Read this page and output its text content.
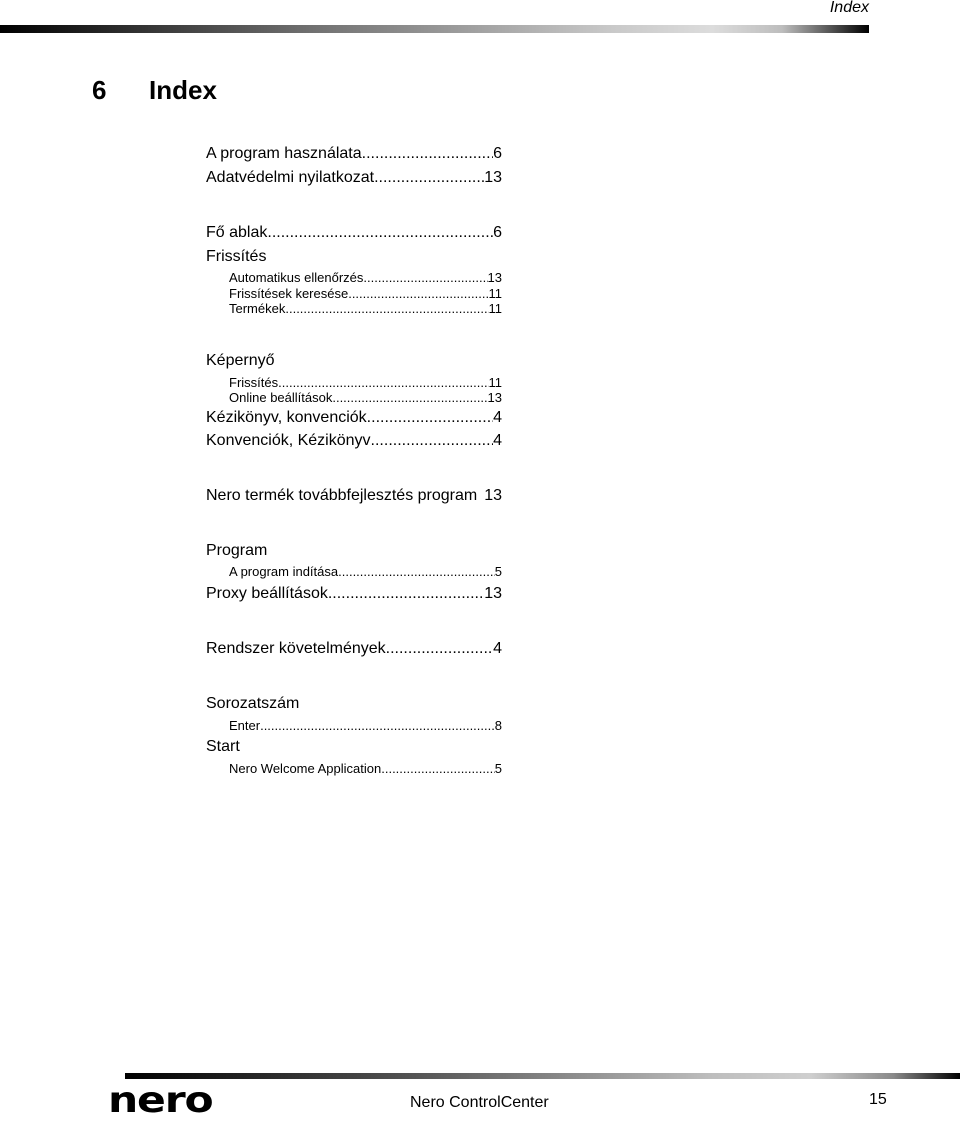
Index
6	Index
A program használata .....	6
Adatvédelmi nyilatkozat .....	13
Fő ablak .....	6
Frissítés
Automatikus ellenőrzés .....	13
Frissítések keresése .....	11
Termékek .....	11
Képernyő
Frissítés .....	11
Online beállítások .....	13
Kézikönyv, konvenciók .....	4
Konvenciók, Kézikönyv .....	4
Nero termék továbbfejlesztés program 13
Program
A program indítása .....	5
Proxy beállítások .....	13
Rendszer követelmények .....	4
Sorozatszám
Enter .....	8
Start
Nero Welcome Application .....	5
nero	Nero ControlCenter	15
